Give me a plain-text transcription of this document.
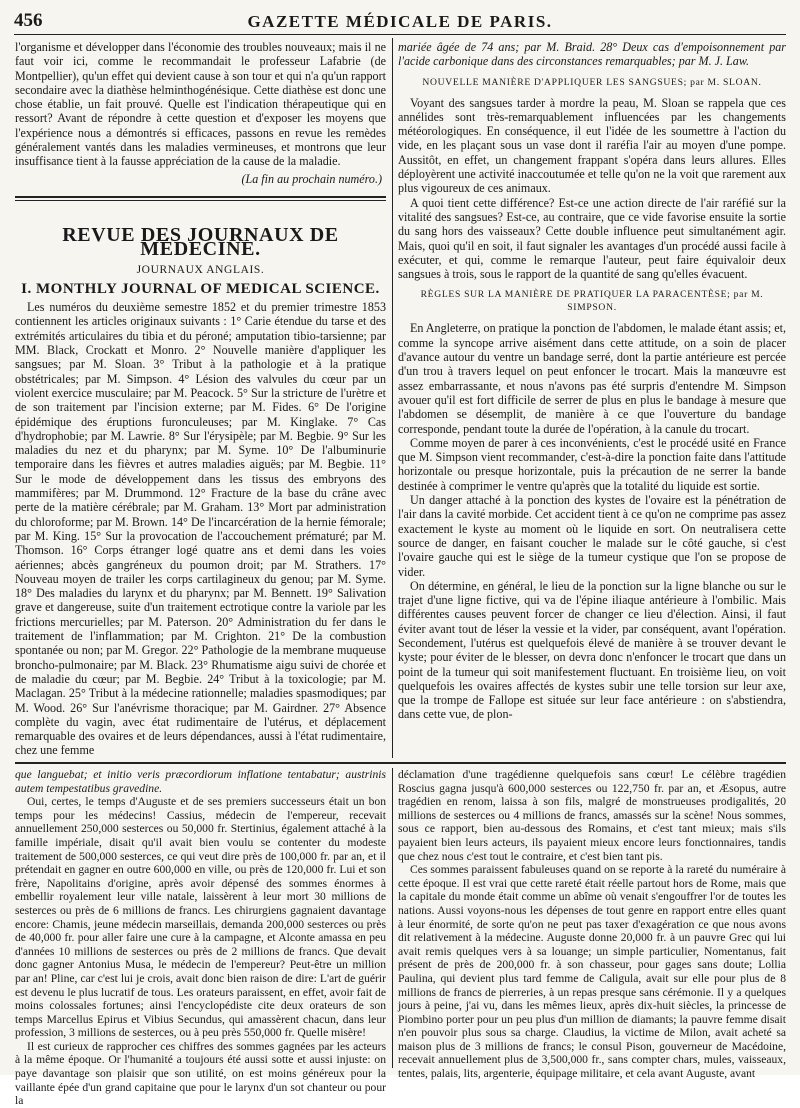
456	GAZETTE MÉDICALE DE PARIS.

l'organisme et développer dans l'économie des troubles nouveaux; mais il ne faut voir ici, comme le recommandait le professeur Lafabrie (de Montpellier), qu'un effet qui devient cause à son tour et qui n'a qu'un rapport secondaire avec la diathèse helminthogénésique. Cette diathèse est donc une chose établie, un fait prouvé. Quelle est l'indication thérapeutique qui en ressort? Avant de répondre à cette question et d'exposer les moyens que l'expérience nous a démontrés si efficaces, passons en revue les remèdes généralement vantés dans les maladies vermineuses, et montrons que leur insuffisance tient à la fausse appréciation de la cause de la maladie.

(La fin au prochain numéro.)
REVUE DES JOURNAUX DE MÉDECINE.
JOURNAUX ANGLAIS.
I. MONTHLY JOURNAL OF MEDICAL SCIENCE.

Les numéros du deuxième semestre 1852 et du premier trimestre 1853 contiennent les articles originaux suivants : 1° Carie étendue du tarse et des extrémités articulaires du tibia et du péroné; amputation tibio-tarsienne; par MM. Black, Crockatt et Monro. 2° Nouvelle manière d'appliquer les sangsues; par M. Sloan. 3° Tribut à la pathologie et à la pratique obstétricales; par M. Simpson. 4° Lésion des valvules du cœur par un violent exercice musculaire; par M. Peacock. 5° Sur la stricture de l'urètre et de son traitement par l'incision externe; par M. Fides. 6° De l'origine épidémique des éruptions furonculeuses; par M. Kinglake. 7° Cas d'hydrophobie; par M. Lawrie. 8° Sur l'érysipèle; par M. Begbie. 9° Sur les maladies du nez et du pharynx; par M. Syme. 10° De l'albuminurie temporaire dans les fièvres et autres maladies aiguës; par M. Begbie. 11° Sur le mode de développement dans les tissus des embryons des mammifères; par M. Drummond. 12° Fracture de la base du crâne avec perte de la matière cérébrale; par M. Graham. 13° Mort par administration du chloroforme; par M. Brown. 14° De l'incarcération de la hernie fémorale; par M. King. 15° Sur la provocation de l'accouchement prématuré; par M. Thomson. 16° Corps étranger logé quatre ans et demi dans les voies aériennes; abcès gangréneux du poumon droit; par M. Strathers. 17° Nouveau moyen de trailer les corps cartilagineux du genou; par M. Syme. 18° Des maladies du larynx et du pharynx; par M. Bennett. 19° Salivation grave et dangereuse, suite d'un traitement ectrotique contre la variole par les frictions mercurielles; par M. Paterson. 20° Administration du fer dans le traitement de l'inflammation; par M. Crighton. 21° De la combustion spontanée ou non; par M. Gregor. 22° Pathologie de la membrane muqueuse broncho-pulmonaire; par M. Black. 23° Rhumatisme aigu suivi de chorée et de maladie du cœur; par M. Begbie. 24° Tribut à la toxicologie; par M. Maclagan. 25° Tribut à la médecine rationnelle; maladies spasmodiques; par M. Wood. 26° Sur l'anévrisme thoracique; par M. Gairdner. 27° Absence complète du vagin, avec état rudimentaire de l'utérus, et déplacement remarquable des ovaires et de leurs dépendances, aussi à l'état rudimentaire, chez une femme

mariée âgée de 74 ans; par M. Braid. 28° Deux cas d'empoisonnement par l'acide carbonique dans des circonstances remarquables; par M. J. Law.

NOUVELLE MANIÈRE D'APPLIQUER LES SANGSUES; par M. SLOAN.

Voyant des sangsues tarder à mordre la peau, M. Sloan se rappela que ces annélides sont très-remarquablement influencées par les changements météorologiques. En conséquence, il eut l'idée de les soumettre à l'action du vide, en les plaçant sous un vase dont il raréfia l'air au moyen d'une pompe. Aussitôt, en effet, un changement frappant s'opéra dans leurs allures. Elles déployèrent une activité inaccoutumée et telle qu'on ne la voit que rarement aux plus vigoureux de ces animaux.

A quoi tient cette différence? Est-ce une action directe de l'air raréfié sur la vitalité des sangsues? Est-ce, au contraire, que ce vide favorise ensuite la sortie du sang hors des vaisseaux? Cette double influence peut simultanément agir. Mais, quoi qu'il en soit, il faut signaler les avantages d'un procédé aussi facile à exécuter, et qui, comme le remarque l'auteur, peut faire équivaloir deux sangsues à trois, sous le rapport de la quantité de sang qu'elles évacuent.

RÈGLES SUR LA MANIÈRE DE PRATIQUER LA PARACENTÈSE; par M. SIMPSON.

En Angleterre, on pratique la ponction de l'abdomen, le malade étant assis; et, comme la syncope arrive aisément dans cette attitude, on a soin de placer d'avance autour du ventre un bandage serré, dont la partie antérieure est percée d'un trou à travers lequel on peut enfoncer le trocart. Mais la manœuvre est assez embarrassante, et nous n'avons pas été surpris d'entendre M. Simpson avouer qu'il est fort difficile de serrer de plus en plus le bandage à mesure que l'abdomen se désemplit, de manière à ce que l'ouverture du bandage corresponde, pendant toute la durée de l'opération, à la canule du trocart.

Comme moyen de parer à ces inconvénients, c'est le procédé usité en France que M. Simpson vient recommander, c'est-à-dire la ponction faite dans l'attitude horizontale ou presque horizontale, puis la précaution de ne serrer la bande destinée à comprimer le ventre qu'après que la totalité du liquide est sortie.

Un danger attaché à la ponction des kystes de l'ovaire est la pénétration de l'air dans la cavité morbide. Cet accident tient à ce qu'on ne comprime pas assez exactement le kyste au moment où le liquide en sort. On neutralisera cette source de danger, en faisant coucher le malade sur le côté gauche, si c'est l'ovaire gauche qui est le siège de la tumeur cystique que l'on se propose de vider.

On détermine, en général, le lieu de la ponction sur la ligne blanche ou sur le trajet d'une ligne fictive, qui va de l'épine iliaque antérieure à l'ombilic. Mais différentes causes peuvent forcer de changer ce lieu d'élection. Ainsi, il faut éviter avant tout de léser la vessie et la vider, par conséquent, avant l'opération. Secondement, l'utérus est quelquefois élevé de manière à se trouver devant le kyste; pour éviter de le blesser, on devra donc n'enfoncer le trocart que dans un point de la tumeur qui soit manifestement fluctuant. En troisième lieu, on voit quelquefois les ovaires affectés de kystes subir une telle torsion sur leur axe, que la trompe de Fallope est située sur leur face antérieure : on s'abstiendra, dans cette vue, de plon-

que languebat; et initio veris præcordiorum inflatione tentabatur; austrinis autem tempestatibus gravedine.

Oui, certes, le temps d'Auguste et de ses premiers successeurs était un bon temps pour les médecins! Cassius, médecin de l'empereur, recevait annuellement 250,000 sesterces ou 50,000 fr. Stertinius, également attaché à la famille impériale, disait qu'il avait bien voulu se contenter du modeste traitement de 500,000 sesterces, ce qui veut dire près de 100,000 fr. par an, et il prétendait en gagner en outre 600,000 en ville, ou près de 120,000 fr. Lui et son frère, Napolitains d'origine, après avoir dépensé des sommes énormes à embellir royalement leur ville natale, laissèrent à leur mort 30 millions de sesterces ou près de 6 millions de francs. Les chirurgiens gagnaient davantage encore: Chamis, jeune médecin marseillais, demanda 200,000 sesterces ou près de 40,000 fr. pour aller faire une cure à la campagne, et Alconte amassa en peu d'années 10 millions de sesterces ou près de 2 millions de francs. Que devait donc gagner Antonius Musa, le médecin de l'empereur? Peut-être un million par an! Pline, car c'est lui je crois, avait donc bien raison de dire: L'art de guérir est devenu le plus lucratif de tous. Les orateurs paraissent, en effet, avoir fait de moins colossales fortunes; ainsi l'encyclopédiste cite deux orateurs de son temps Marcellus Epirus et Vibius Secundus, qui amassèrent chacun, dans leur profession, 3 millions de sesterces, ou à peu près 550,000 fr. Quelle misère!

Il est curieux de rapprocher ces chiffres des sommes gagnées par les acteurs à la même époque. Or l'humanité a toujours été aussi sotte et aussi injuste: on paye davantage son plaisir que son utilité, on est moins généreux pour la vaillante épée d'un grand capitaine que pour le larynx d'un sot chanteur ou pour la

déclamation d'une tragédienne quelquefois sans cœur! Le célèbre tragédien Roscius gagna jusqu'à 600,000 sesterces ou 122,750 fr. par an, et Æsopus, autre tragédien en renom, laissa à son fils, malgré de monstrueuses prodigalités, 20 millions de sesterces ou 4 millions de francs, amassés sur la scène! Nous sommes, sous ce rapport, bien au-dessous des Romains, et c'est tant mieux; mais s'ils payaient bien leurs acteurs, ils payaient mieux encore leurs fonctionnaires, tandis que chez nous c'est tout le contraire, et c'est bien tant pis.

Ces sommes paraissent fabuleuses quand on se reporte à la rareté du numéraire à cette époque. Il est vrai que cette rareté était réelle partout hors de Rome, mais que la capitale du monde était comme un abîme où venait s'engouffrer l'or de toutes les nations. Aussi voyons-nous les dépenses de tout genre en rapport entre elles quant à leur énormité, de sorte qu'on ne peut pas taxer d'exagération ce que nous avons dit relativement à la médecine. Auguste donne 20,000 fr. à un pauvre Grec qui lui avait remis quelques vers à sa louange; un simple particulier, Nomentanus, fait présent de près de 200,000 fr. à son chasseur, pour gages sans doute; Lollia Paulina, qui devient plus tard femme de Caligula, avait sur elle pour plus de 8 millions de francs de pierreries, à un repas presque sans cérémonie. Il y a quelques jours à peine, j'ai vu, dans les mêmes lieux, après dix-huit siècles, la princesse de Piombino porter pour un peu plus d'un million de diamants; la pauvre femme disait n'en pouvoir plus sous sa charge. Claudius, la victime de Milon, avait acheté sa maison plus de 3 millions de francs; le consul Pison, gouverneur de Macédoine, recevait annuellement plus de 3,500,000 fr., sans compter chars, mules, vaisseaux, tentes, palais, lits, argenterie, équipage militaire, et cela avant Auguste, avant
